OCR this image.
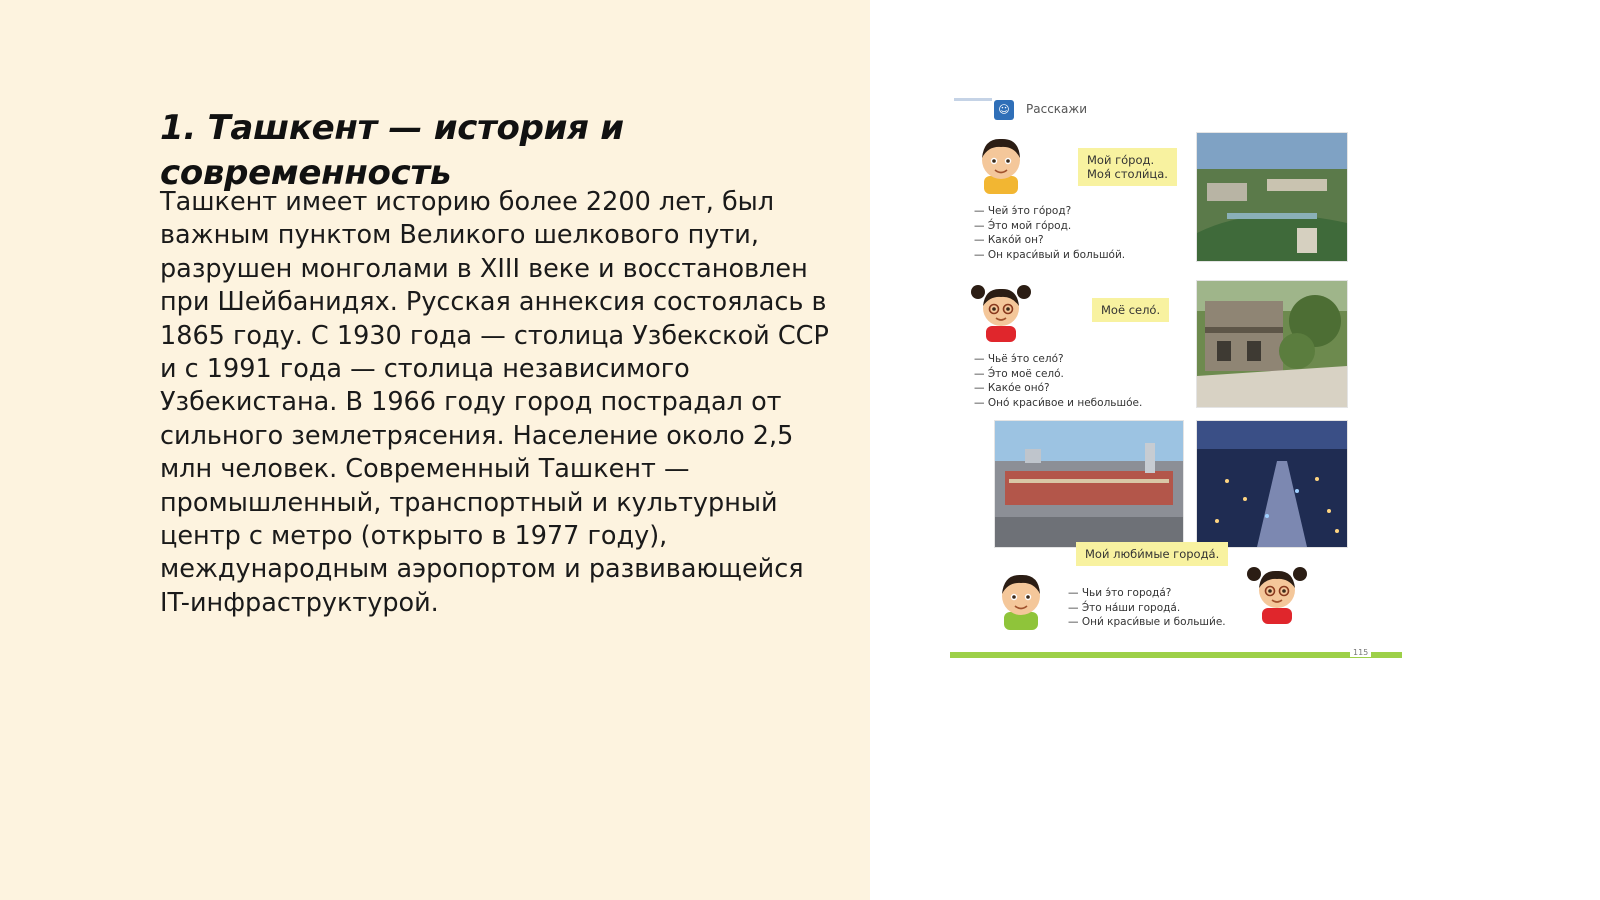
1. Ташкент — история и современность

Ташкент имеет историю более 2200 лет, был важным пунктом Великого шелкового пути, разрушен монголами в XIII веке и восстановлен при Шейбанидях. Русская аннексия состоялась в 1865 году. С 1930 года — столица Узбекской ССР и с 1991 года — столица независимого Узбекистана. В 1966 году город пострадал от сильного землетрясения. Население около 2,5 млн человек. Современный Ташкент — промышленный, транспортный и культурный центр с метро (открыто в 1977 году), международным аэропортом и развивающейся IT-инфраструктурой.

☺	Расскажи
Мой го́род.
Моя́ столи́ца.
— Чей э́то го́род?
— Э́то мой го́род.
— Како́й он?
— Он краси́вый и большо́й.
Моё село́.
— Чьё э́то село́?
— Э́то моё село́.
— Како́е оно́?
— Оно́ краси́вое и небольшо́е.
Мои́ люби́мые города́.
— Чьи э́то города́?
— Э́то на́ши города́.
— Они́ краси́вые и больши́е.
115
